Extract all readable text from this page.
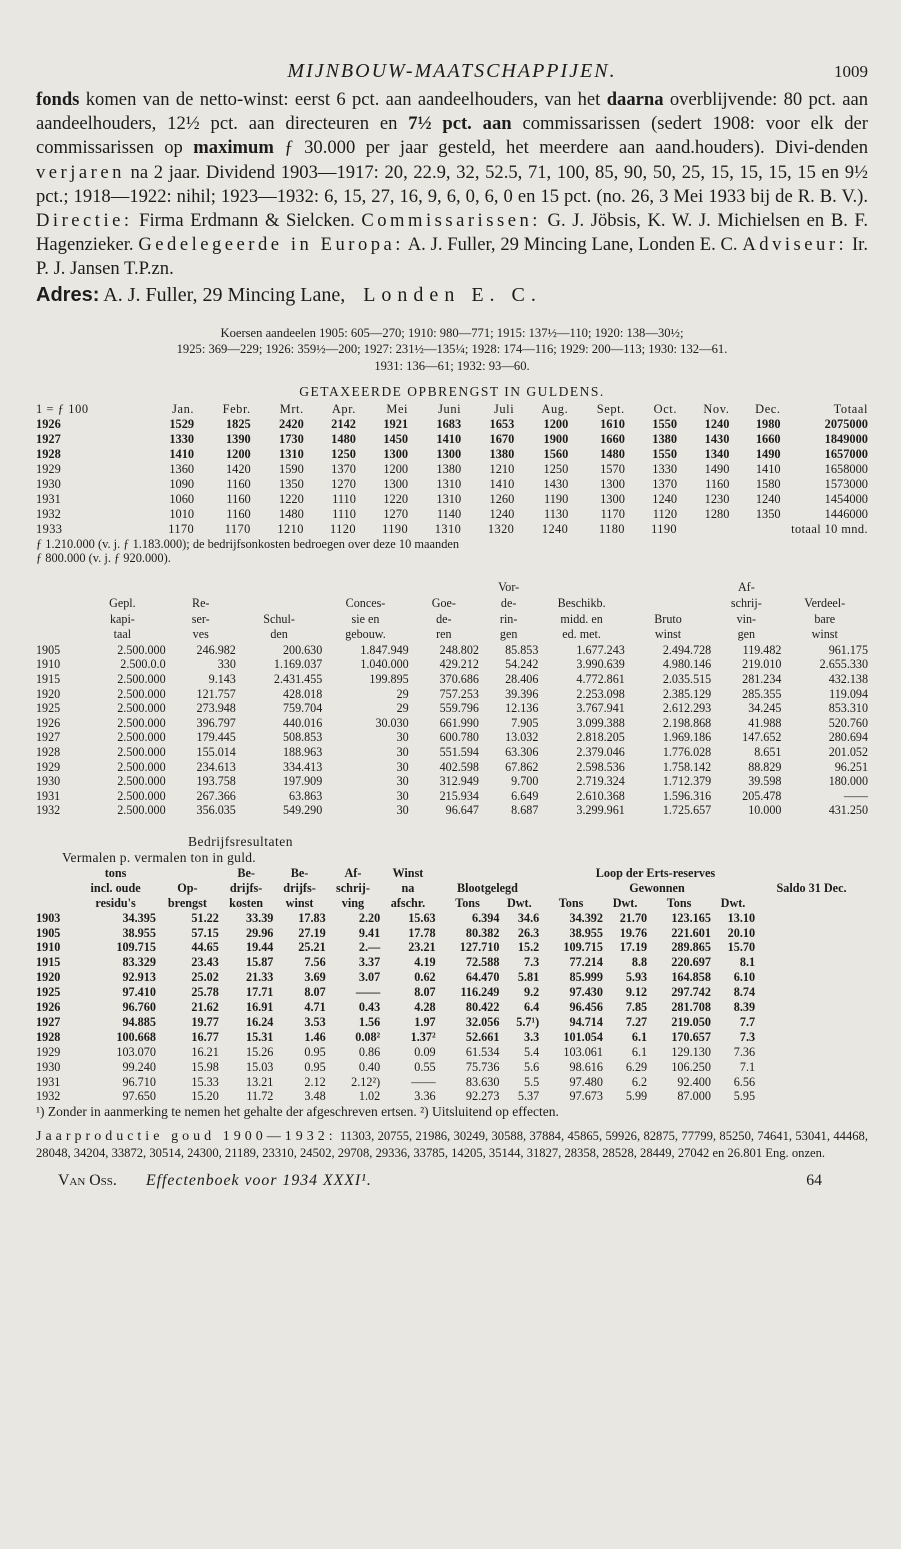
MIJNBOUW-MAATSCHAPPIJEN.	1009
fonds komen van de netto-winst: eerst 6 pct. aan aandeelhouders, van het daarna overblijvende: 80 pct. aan aandeelhouders, 12½ pct. aan directeuren en 7½ pct. aan commissarissen (sedert 1908: voor elk der commissarissen op maximum ƒ 30.000 per jaar gesteld, het meerdere aan aand.houders). Divi-denden verjaren na 2 jaar. Dividend 1903—1917: 20, 22.9, 32, 52.5, 71, 100, 85, 90, 50, 25, 15, 15, 15, 15 en 9½ pct.; 1918—1922: nihil; 1923—1932: 6, 15, 27, 16, 9, 6, 0, 6, 0 en 15 pct. (no. 26, 3 Mei 1933 bij de R. B. V.). Directie: Firma Erdmann & Sielcken. Commissarissen: G. J. Jöbsis, K. W. J. Michielsen en B. F. Hagenzieker. Gedelegeerde in Europa: A. J. Fuller, 29 Mincing Lane, Londen E. C. Adviseur: Ir. P. J. Jansen T.P.zn.
Adres: A. J. Fuller, 29 Mincing Lane, Londen E. C.
Koersen aandeelen 1905: 605—270; 1910: 980—771; 1915: 137½—110; 1920: 138—30½;
1925: 369—229; 1926: 359½—200; 1927: 231½—135¼; 1928: 174—116; 1929: 200—113; 1930: 132—61.
1931: 136—61; 1932: 93—60.
GETAXEERDE OPBRENGST IN GULDENS.
1 = ƒ 100	Jan.	Febr.	Mrt.	Apr.	Mei	Juni	Juli	Aug.	Sept.	Oct.	Nov.	Dec.	Totaal
1926	1529	1825	2420	2142	1921	1683	1653	1200	1610	1550	1240	1980	2075000
1927	1330	1390	1730	1480	1450	1410	1670	1900	1660	1380	1430	1660	1849000
1928	1410	1200	1310	1250	1300	1300	1380	1560	1480	1550	1340	1490	1657000
1929	1360	1420	1590	1370	1200	1380	1210	1250	1570	1330	1490	1410	1658000
1930	1090	1160	1350	1270	1300	1310	1410	1430	1300	1370	1160	1580	1573000
1931	1060	1160	1220	1110	1220	1310	1260	1190	1300	1240	1230	1240	1454000
1932	1010	1160	1480	1110	1270	1140	1240	1130	1170	1120	1280	1350	1446000
1933	1170	1170	1210	1120	1190	1310	1320	1240	1180	1190	totaal 10 mnd.		
ƒ 1.210.000 (v. j. ƒ 1.183.000); de bedrijfsonkosten bedroegen over deze 10 maanden
ƒ 800.000 (v. j. ƒ 920.000).
						Vor-			Af-	
	Gepl.	Re-		Conces-	Goe-	de-	Beschikb.		schrij-	Verdeel-
	kapi-	ser-	Schul-	sie en	de-	rin-	midd. en	Bruto	vin-	bare
	taal	ves	den	gebouw.	ren	gen	ed. met.	winst	gen	winst
1905	2.500.000	246.982	200.630	1.847.949	248.802	85.853	1.677.243	2.494.728	119.482	961.175
1910	2.500.0.0	330	1.169.037	1.040.000	429.212	54.242	3.990.639	4.980.146	219.010	2.655.330
1915	2.500.000	9.143	2.431.455	199.895	370.686	28.406	4.772.861	2.035.515	281.234	432.138
1920	2.500.000	121.757	428.018	29	757.253	39.396	2.253.098	2.385.129	285.355	119.094
1925	2.500.000	273.948	759.704	29	559.796	12.136	3.767.941	2.612.293	34.245	853.310
1926	2.500.000	396.797	440.016	30.030	661.990	7.905	3.099.388	2.198.868	41.988	520.760
1927	2.500.000	179.445	508.853	30	600.780	13.032	2.818.205	1.969.186	147.652	280.694
1928	2.500.000	155.014	188.963	30	551.594	63.306	2.379.046	1.776.028	8.651	201.052
1929	2.500.000	234.613	334.413	30	402.598	67.862	2.598.536	1.758.142	88.829	96.251
1930	2.500.000	193.758	197.909	30	312.949	9.700	2.719.324	1.712.379	39.598	180.000
1931	2.500.000	267.366	63.863	30	215.934	6.649	2.610.368	1.596.316	205.478	——
1932	2.500.000	356.035	549.290	30	96.647	8.687	3.299.961	1.725.657	10.000	431.250
Bedrijfsresultaten
Vermalen p. vermalen ton in guld.
	tons		Be-	Be-	Af-	Winst		Loop der Erts-reserves							
	incl. oude	Op-	drijfs-	drijfs-	schrij-	na	Blootgelegd			Gewonnen			Saldo 31 Dec.		
	residu's	brengst	kosten	winst	ving	afschr.	Tons	Dwt.	Tons	Dwt.	Tons	Dwt.			
1903	34.395	51.22	33.39	17.83	2.20	15.63	6.394	34.6	34.392	21.70	123.165	13.10			
1905	38.955	57.15	29.96	27.19	9.41	17.78	80.382	26.3	38.955	19.76	221.601	20.10			
1910	109.715	44.65	19.44	25.21	2.—	23.21	127.710	15.2	109.715	17.19	289.865	15.70			
1915	83.329	23.43	15.87	7.56	3.37	4.19	72.588	7.3	77.214	8.8	220.697	8.1			
1920	92.913	25.02	21.33	3.69	3.07	0.62	64.470	5.81	85.999	5.93	164.858	6.10			
1925	97.410	25.78	17.71	8.07	——	8.07	116.249	9.2	97.430	9.12	297.742	8.74			
1926	96.760	21.62	16.91	4.71	0.43	4.28	80.422	6.4	96.456	7.85	281.708	8.39			
1927	94.885	19.77	16.24	3.53	1.56	1.97	32.056	5.7¹)	94.714	7.27	219.050	7.7			
1928	100.668	16.77	15.31	1.46	0.08²	1.37²	52.661	3.3	101.054	6.1	170.657	7.3			
1929	103.070	16.21	15.26	0.95	0.86	0.09	61.534	5.4	103.061	6.1	129.130	7.36			
1930	99.240	15.98	15.03	0.95	0.40	0.55	75.736	5.6	98.616	6.29	106.250	7.1			
1931	96.710	15.33	13.21	2.12	2.12²)	——	83.630	5.5	97.480	6.2	92.400	6.56			
1932	97.650	15.20	11.72	3.48	1.02	3.36	92.273	5.37	97.673	5.99	87.000	5.95			
¹) Zonder in aanmerking te nemen het gehalte der afgeschreven ertsen. ²) Uitsluitend op effecten.
Jaarproductie goud 1900—1932: 11303, 20755, 21986, 30249, 30588, 37884, 45865, 59926, 82875, 77799, 85250, 74641, 53041, 44468, 28048, 34204, 33872, 30514, 24300, 21189, 23310, 24502, 29708, 29336, 33785, 14205, 35144, 31827, 28358, 28528, 28449, 27042 en 26.801 Eng. onzen.
Van Oss. Effectenboek voor 1934 XXXI¹.	64
